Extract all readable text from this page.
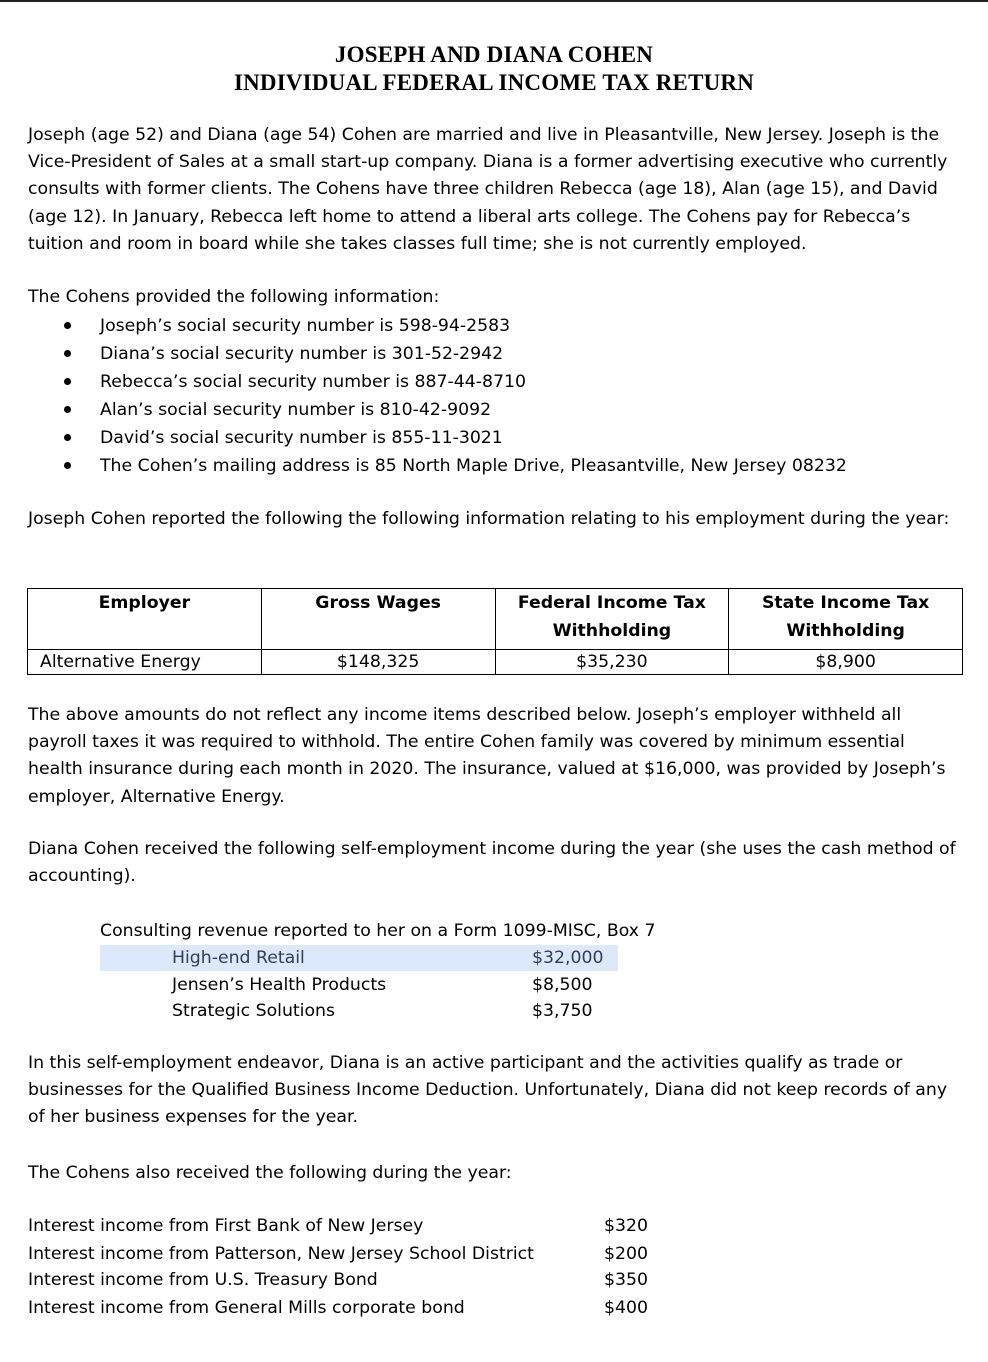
JOSEPH AND DIANA COHEN
INDIVIDUAL FEDERAL INCOME TAX RETURN
Joseph (age 52) and Diana (age 54) Cohen are married and live in Pleasantville, New Jersey. Joseph is the Vice-President of Sales at a small start-up company. Diana is a former advertising executive who currently consults with former clients. The Cohens have three children Rebecca (age 18), Alan (age 15), and David (age 12). In January, Rebecca left home to attend a liberal arts college. The Cohens pay for Rebecca’s tuition and room in board while she takes classes full time; she is not currently employed.
The Cohens provided the following information:
Joseph’s social security number is 598-94-2583
Diana’s social security number is 301-52-2942
Rebecca’s social security number is 887-44-8710
Alan’s social security number is 810-42-9092
David’s social security number is 855-11-3021
The Cohen’s mailing address is 85 North Maple Drive, Pleasantville, New Jersey 08232
Joseph Cohen reported the following the following information relating to his employment during the year:
Employer	Gross Wages	Federal Income Tax Withholding	State Income Tax Withholding
Alternative Energy	$148,325	$35,230	$8,900
The above amounts do not reflect any income items described below. Joseph’s employer withheld all payroll taxes it was required to withhold. The entire Cohen family was covered by minimum essential health insurance during each month in 2020. The insurance, valued at $16,000, was provided by Joseph’s employer, Alternative Energy.
Diana Cohen received the following self-employment income during the year (she uses the cash method of accounting).
Consulting revenue reported to her on a Form 1099-MISC, Box 7
High-end Retail	$32,000
Jensen’s Health Products	$8,500
Strategic Solutions	$3,750
In this self-employment endeavor, Diana is an active participant and the activities qualify as trade or businesses for the Qualified Business Income Deduction. Unfortunately, Diana did not keep records of any of her business expenses for the year.
The Cohens also received the following during the year:
Interest income from First Bank of New Jersey	$320
Interest income from Patterson, New Jersey School District	$200
Interest income from U.S. Treasury Bond	$350
Interest income from General Mills corporate bond	$400
